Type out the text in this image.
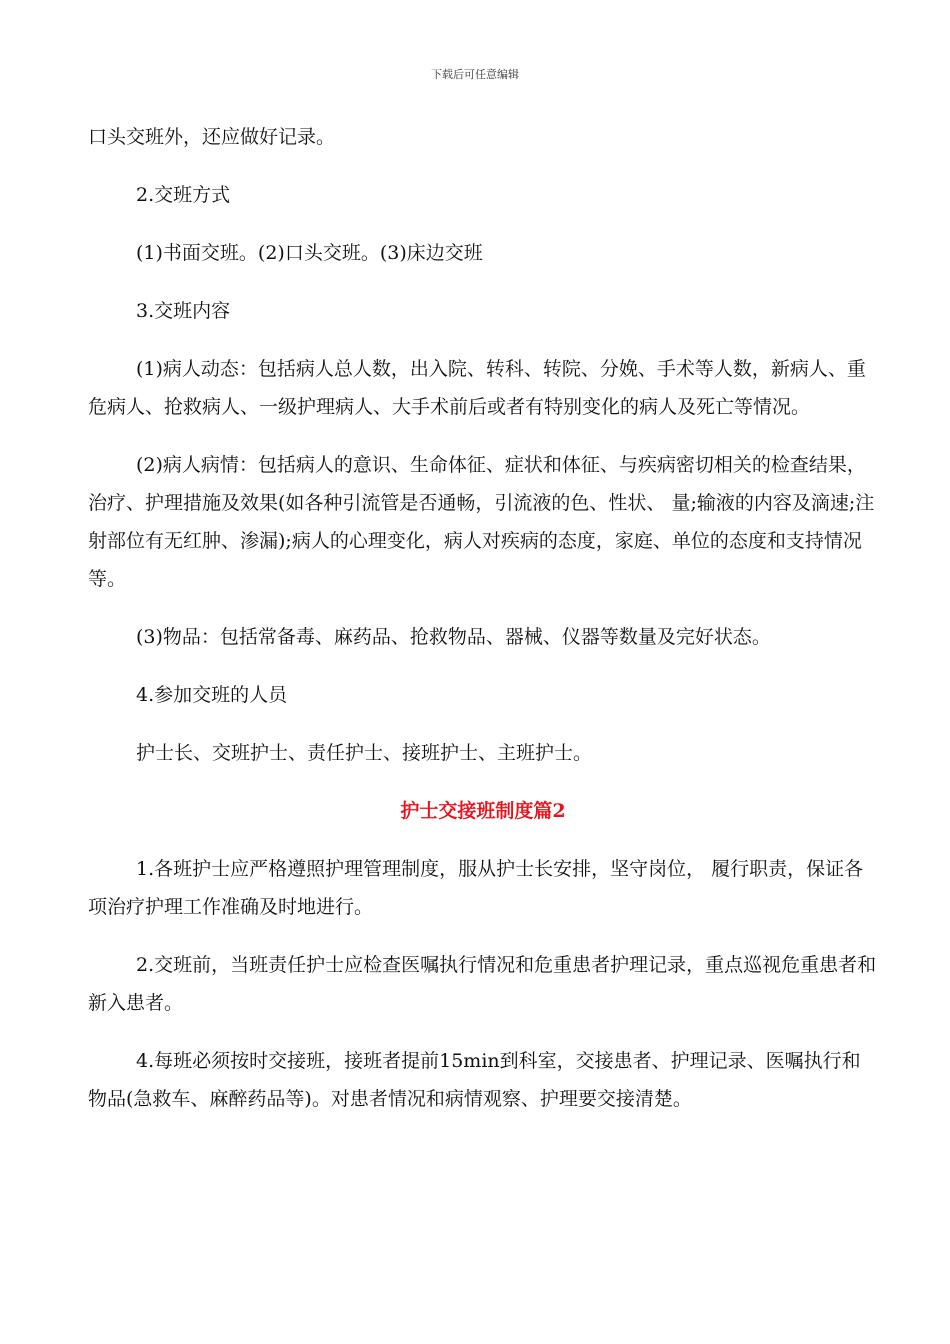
下载后可任意编辑

口头交班外，还应做好记录。

2.交班方式

(1)书面交班。(2)口头交班。(3)床边交班

3.交班内容

(1)病人动态：包括病人总人数，出入院、转科、转院、分娩、手术等人数，新病人、重危病人、抢救病人、一级护理病人、大手术前后或者有特别变化的病人及死亡等情况。

(2)病人病情：包括病人的意识、生命体征、症状和体征、与疾病密切相关的检查结果，治疗、护理措施及效果(如各种引流管是否通畅，引流液的色、性状、 量;输液的内容及滴速;注射部位有无红肿、渗漏);病人的心理变化，病人对疾病的态度，家庭、单位的态度和支持情况等。

(3)物品：包括常备毒、麻药品、抢救物品、器械、仪器等数量及完好状态。

4.参加交班的人员

护士长、交班护士、责任护士、接班护士、主班护士。

护士交接班制度篇2

1.各班护士应严格遵照护理管理制度，服从护士长安排，坚守岗位， 履行职责，保证各项治疗护理工作准确及时地进行。

2.交班前，当班责任护士应检查医嘱执行情况和危重患者护理记录，重点巡视危重患者和新入患者。

4.每班必须按时交接班，接班者提前15min到科室，交接患者、护理记录、医嘱执行和物品(急救车、麻醉药品等)。对患者情况和病情观察、护理要交接清楚。
